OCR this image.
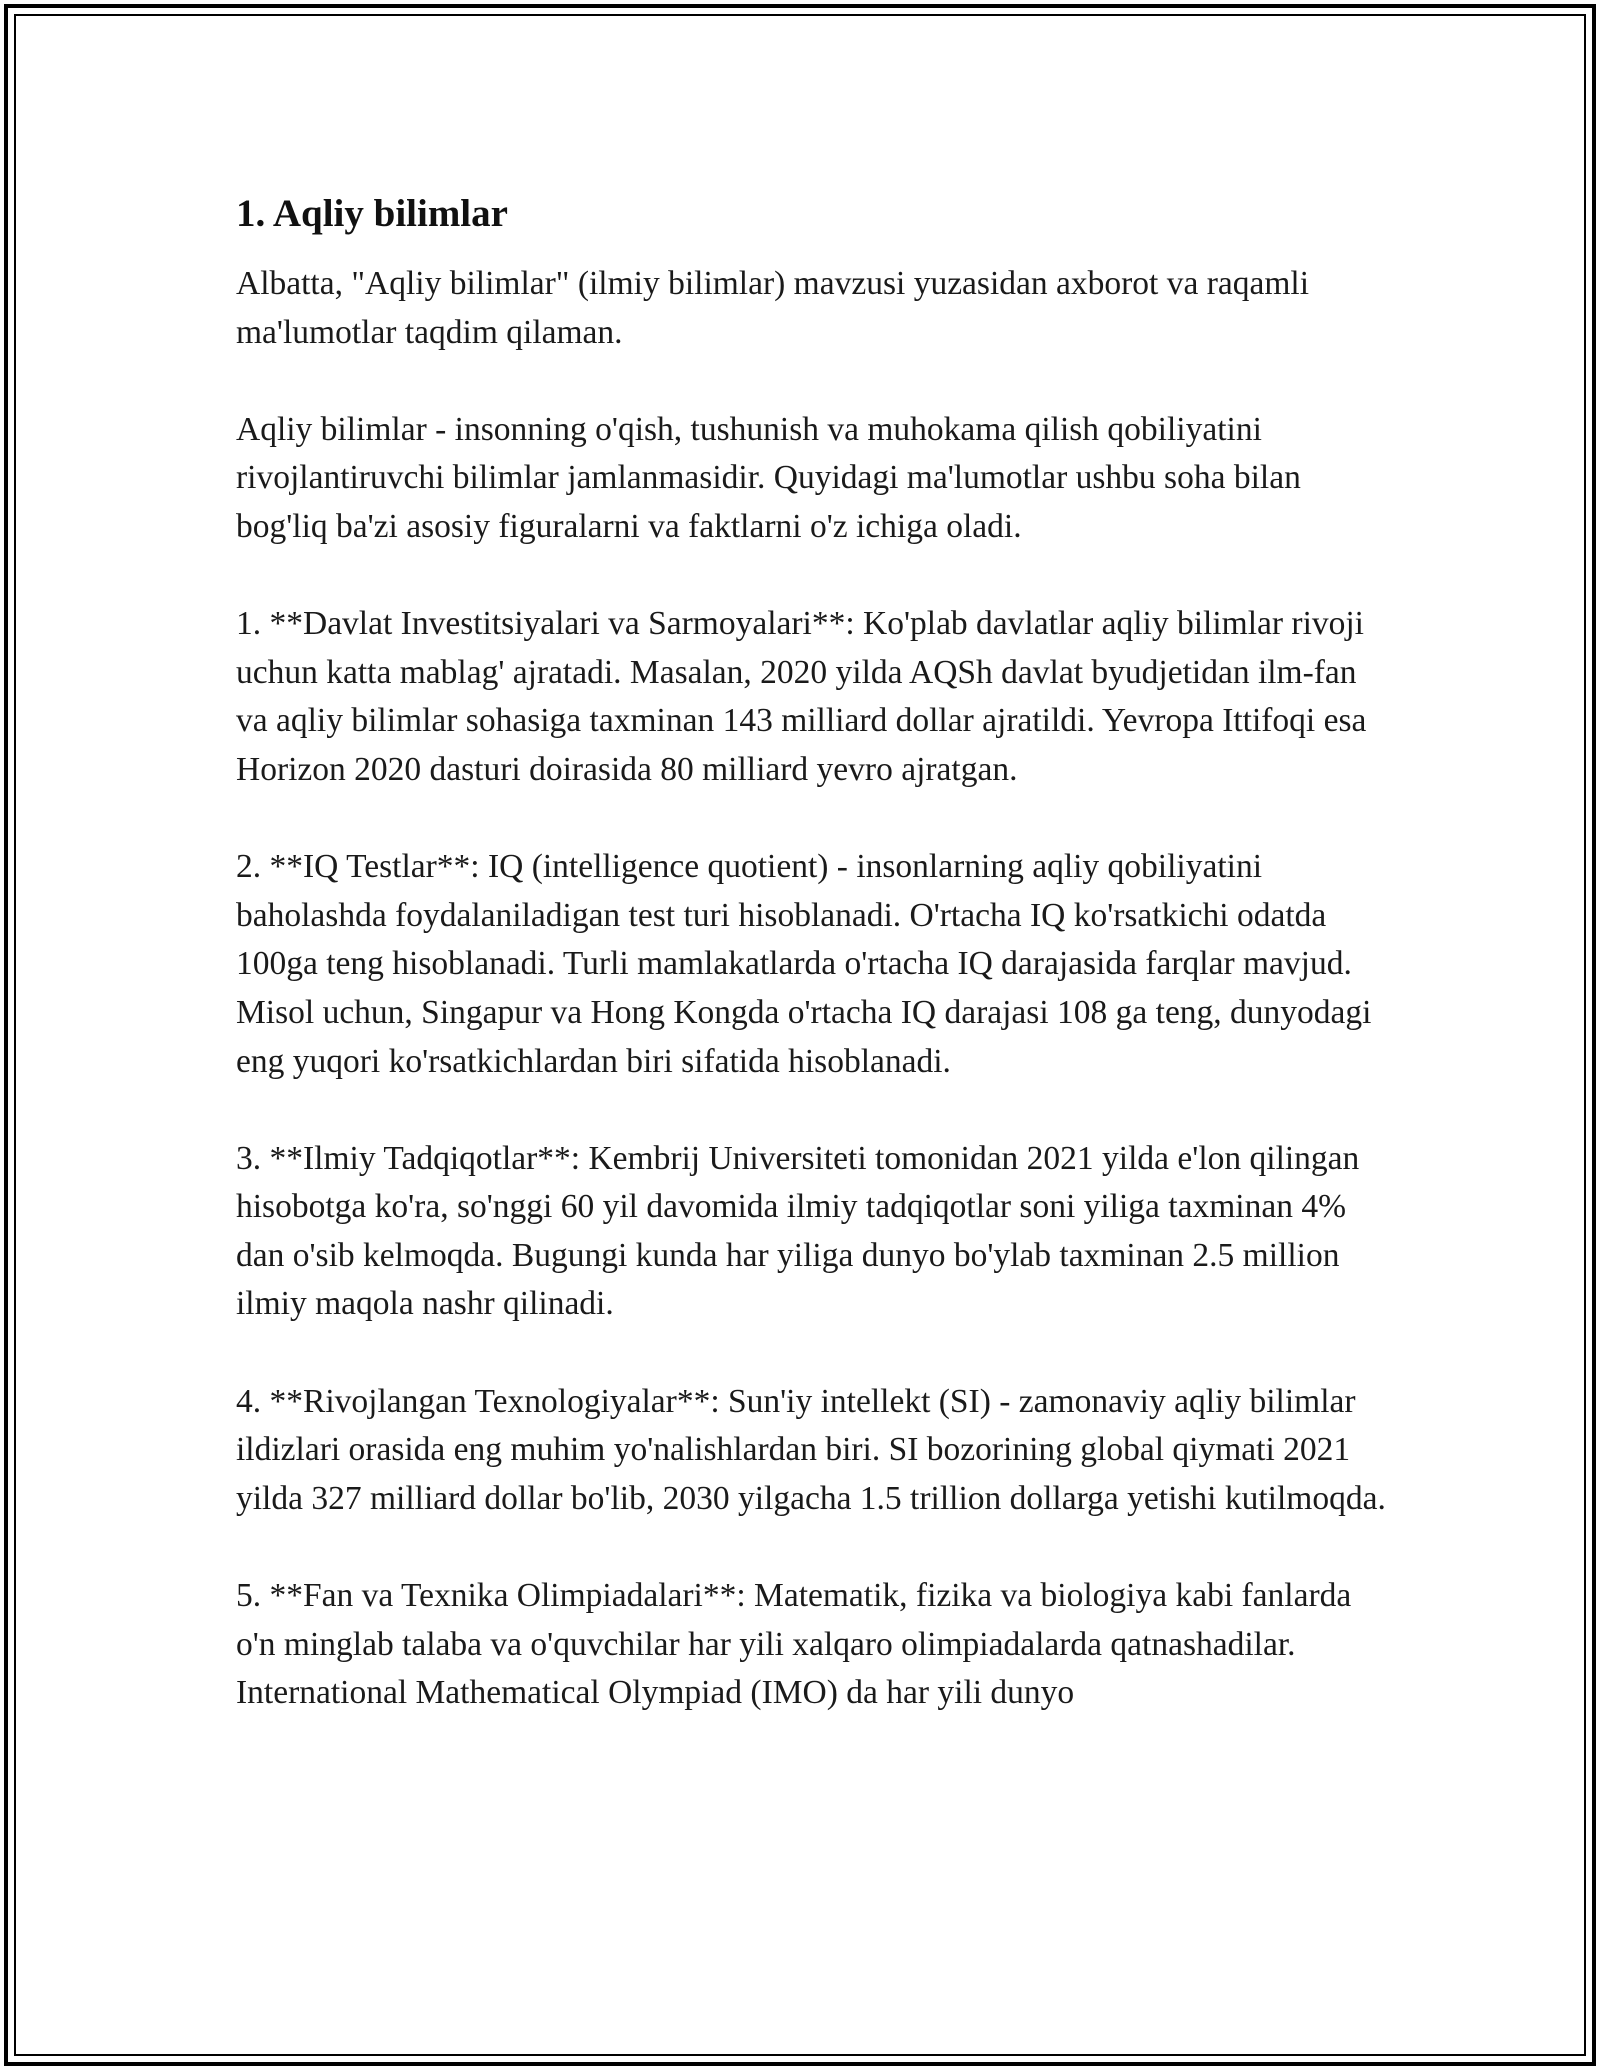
1. Aqliy bilimlar

Albatta, "Aqliy bilimlar" (ilmiy bilimlar) mavzusi yuzasidan axborot va raqamli ma'lumotlar taqdim qilaman.

Aqliy bilimlar - insonning o'qish, tushunish va muhokama qilish qobiliyatini rivojlantiruvchi bilimlar jamlanmasidir. Quyidagi ma'lumotlar ushbu soha bilan bog'liq ba'zi asosiy figuralarni va faktlarni o'z ichiga oladi.

1. **Davlat Investitsiyalari va Sarmoyalari**: Ko'plab davlatlar aqliy bilimlar rivoji uchun katta mablag' ajratadi. Masalan, 2020 yilda AQSh davlat byudjetidan ilm-fan va aqliy bilimlar sohasiga taxminan 143 milliard dollar ajratildi. Yevropa Ittifoqi esa Horizon 2020 dasturi doirasida 80 milliard yevro ajratgan.

2. **IQ Testlar**: IQ (intelligence quotient) - insonlarning aqliy qobiliyatini baholashda foydalaniladigan test turi hisoblanadi. O'rtacha IQ ko'rsatkichi odatda 100ga teng hisoblanadi. Turli mamlakatlarda o'rtacha IQ darajasida farqlar mavjud. Misol uchun, Singapur va Hong Kongda o'rtacha IQ darajasi 108 ga teng, dunyodagi eng yuqori ko'rsatkichlardan biri sifatida hisoblanadi.

3. **Ilmiy Tadqiqotlar**: Kembrij Universiteti tomonidan 2021 yilda e'lon qilingan hisobotga ko'ra, so'nggi 60 yil davomida ilmiy tadqiqotlar soni yiliga taxminan 4% dan o'sib kelmoqda. Bugungi kunda har yiliga dunyo bo'ylab taxminan 2.5 million ilmiy maqola nashr qilinadi.

4. **Rivojlangan Texnologiyalar**: Sun'iy intellekt (SI) - zamonaviy aqliy bilimlar ildizlari orasida eng muhim yo'nalishlardan biri. SI bozorining global qiymati 2021 yilda 327 milliard dollar bo'lib, 2030 yilgacha 1.5 trillion dollarga yetishi kutilmoqda.

5. **Fan va Texnika Olimpiadalari**: Matematik, fizika va biologiya kabi fanlarda o'n minglab talaba va o'quvchilar har yili xalqaro olimpiadalarda qatnashadilar. International Mathematical Olympiad (IMO) da har yili dunyo
